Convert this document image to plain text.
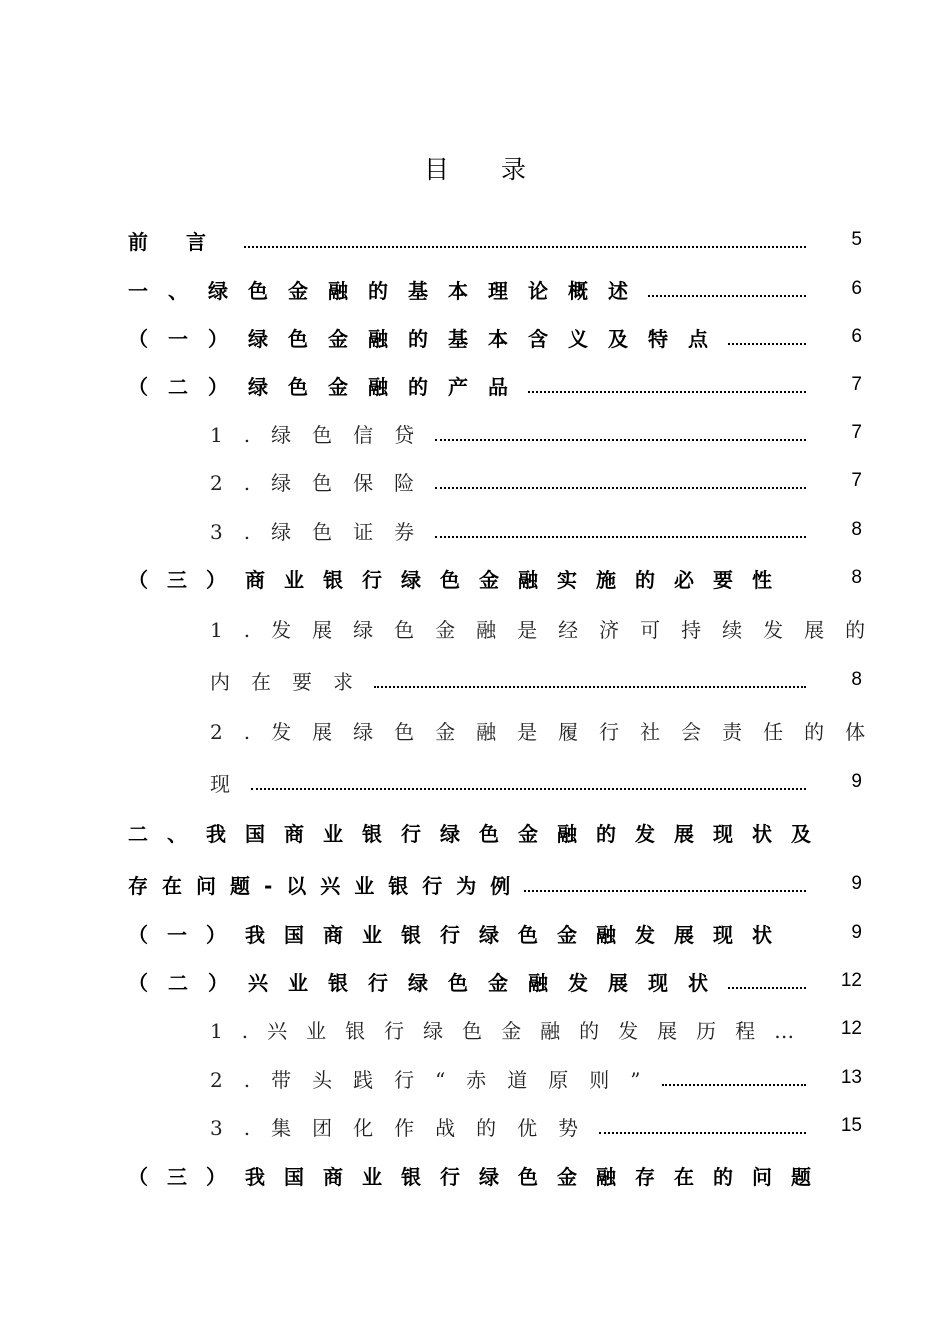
目录
前言	5
一、绿色金融的基本理论概述	6
（一）绿色金融的基本含义及特点	6
（二）绿色金融的产品	7
1.绿色信贷	7
2.绿色保险	7
3.绿色证券	8
（三）商业银行绿色金融实施的必要性	8
1.发展绿色金融是经济可持续发展的
内在要求	8
2.发展绿色金融是履行社会责任的体
现	9
二、我国商业银行绿色金融的发展现状及
存在问题-以兴业银行为例	9
（一）我国商业银行绿色金融发展现状	9
（二）兴业银行绿色金融发展现状	12
1.兴业银行绿色金融的发展历程…	12
2.带头践行“赤道原则”	13
3.集团化作战的优势	15
（三）我国商业银行绿色金融存在的问题
